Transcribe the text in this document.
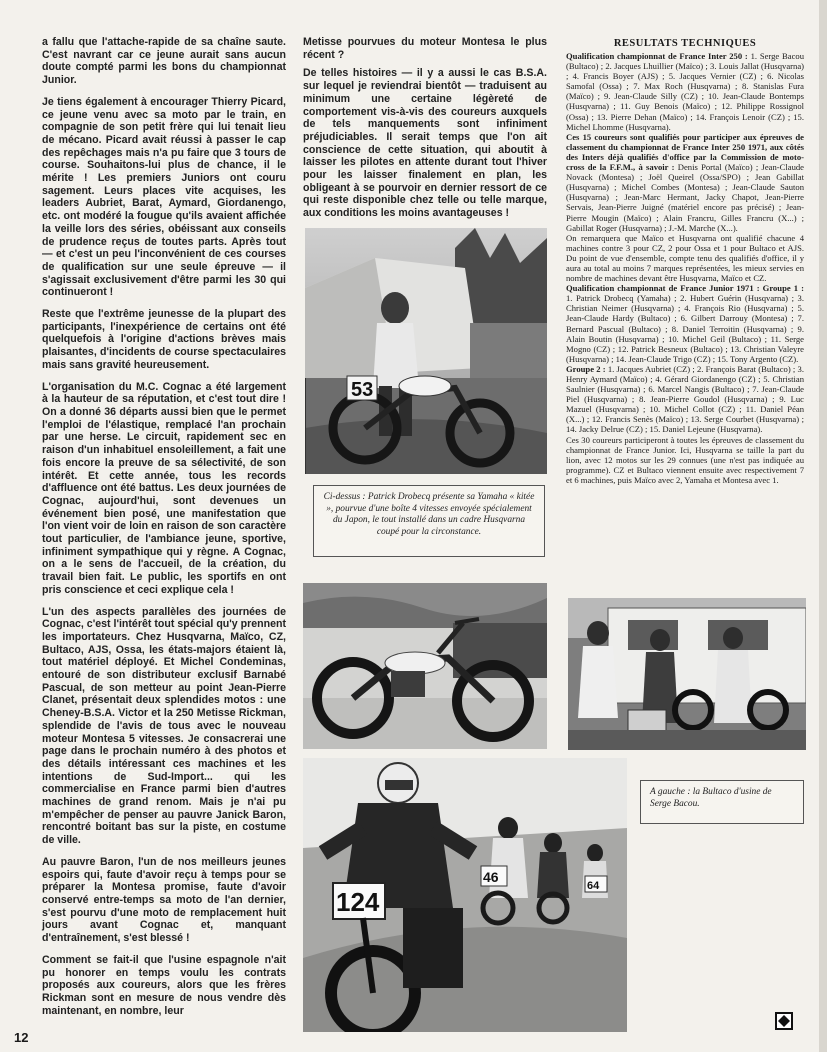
a fallu que l'attache-rapide de sa chaîne saute. C'est navrant car ce jeune aurait sans aucun doute compté parmi les bons du championnat Junior.

Je tiens également à encourager Thierry Picard, ce jeune venu avec sa moto par le train, en compagnie de son petit frère qui lui tenait lieu de mécano. Picard avait réussi à passer le cap des repêchages mais n'a pu faire que 3 tours de course. Souhaitons-lui plus de chance, il le mérite ! Les premiers Juniors ont couru sagement. Leurs places vite acquises, les leaders Aubriet, Barat, Aymard, Giordanengo, etc. ont modéré la fougue qu'ils avaient affichée la veille lors des séries, obéissant aux conseils de prudence reçus de toutes parts. Après tout — et c'est un peu l'inconvénient de ces courses de qualification sur une seule épreuve — il s'agissait exclusivement d'être parmi les 30 qui continueront !

Reste que l'extrême jeunesse de la plupart des participants, l'inexpérience de certains ont été quelquefois à l'origine d'actions brèves mais plaisantes, d'incidents de course spectaculaires mais sans gravité heureusement.

L'organisation du M.C. Cognac a été largement à la hauteur de sa réputation, et c'est tout dire ! On a donné 36 départs aussi bien que le permet l'emploi de l'élastique, remplacé l'an prochain par une herse. Le circuit, rapidement sec en raison d'un inhabituel ensoleillement, a fait une fois encore la preuve de sa sélectivité, de son intérêt. Et cette année, tous les records d'affluence ont été battus. Les deux journées de Cognac, aujourd'hui, sont devenues un événement bien posé, une manifestation que l'on vient voir de loin en raison de son caractère tout particulier, de l'ambiance jeune, sportive, infiniment sympathique qui y règne. A Cognac, on a le sens de l'accueil, de la création, du travail bien fait. Le public, les sportifs en ont pris conscience et ceci explique cela !

L'un des aspects parallèles des journées de Cognac, c'est l'intérêt tout spécial qu'y prennent les importateurs. Chez Husqvarna, Maïco, CZ, Bultaco, AJS, Ossa, les états-majors étaient là, tout matériel déployé. Et Michel Condeminas, entouré de son distributeur exclusif Barnabé Pascual, de son metteur au point Jean-Pierre Clanet, présentait deux splendides motos : une Cheney-B.S.A. Victor et la 250 Metisse Rickman, splendide de l'avis de tous avec le nouveau moteur Montesa 5 vitesses. Je consacrerai une page dans le prochain numéro à des photos et des détails intéressant ces machines et les intentions de Sud-Import... qui les commercialise en France parmi bien d'autres machines de grand renom. Mais je n'ai pu m'empêcher de penser au pauvre Janick Baron, rencontré boitant bas sur la piste, en costume de ville.

Au pauvre Baron, l'un de nos meilleurs jeunes espoirs qui, faute d'avoir reçu à temps pour se préparer la Montesa promise, faute d'avoir conservé entre-temps sa moto de l'an dernier, s'est pourvu d'une moto de remplacement huit jours avant Cognac et, manquant d'entraînement, s'est blessé !

Comment se fait-il que l'usine espagnole n'ait pu honorer en temps voulu les contrats proposés aux coureurs, alors que les frères Rickman sont en mesure de nous vendre dès maintenant, en nombre, leur

Metisse pourvues du moteur Montesa le plus récent ?

De telles histoires — il y a aussi le cas B.S.A. sur lequel je reviendrai bientôt — traduisent au minimum une certaine légèreté de comportement vis-à-vis des coureurs auxquels de tels manquements sont infiniment préjudiciables. Il serait temps que l'on ait conscience de cette situation, qui aboutit à laisser les pilotes en attente durant tout l'hiver pour les laisser finalement en plan, les obligeant à se pourvoir en dernier ressort de ce qui reste disponible chez telle ou telle marque, aux conditions les moins avantageuses !

53
Ci-dessus : Patrick Drobecq présente sa Yamaha « kitée », pourvue d'une boîte 4 vitesses envoyée spécialement du Japon, le tout installé dans un cadre Husqvarna coupé pour la circonstance.
A gauche : la Bultaco d'usine de Serge Bacou.
46
64
124
RESULTATS TECHNIQUES

Qualification championnat de France Inter 250 : 1. Serge Bacou (Bultaco) ; 2. Jacques Lhuillier (Maïco) ; 3. Louis Jallat (Husqvarna) ; 4. Francis Boyer (AJS) ; 5. Jacques Vernier (CZ) ; 6. Nicolas Samofal (Ossa) ; 7. Max Roch (Husqvarna) ; 8. Stanislas Fura (Maïco) ; 9. Jean-Claude Silly (CZ) ; 10. Jean-Claude Bontemps (Husqvarna) ; 11. Guy Benois (Maïco) ; 12. Philippe Rossignol (Ossa) ; 13. Pierre Dehan (Maïco) ; 14. François Lenoir (CZ) ; 15. Michel Lhomme (Husqvarna).

Ces 15 coureurs sont qualifiés pour participer aux épreuves de classement du championnat de France Inter 250 1971, aux côtés des Inters déjà qualifiés d'office par la Commission de moto-cross de la F.F.M., à savoir : Denis Portal (Maïco) ; Jean-Claude Novack (Montesa) ; Joël Queirel (Ossa/SPO) ; Jean Gabillat (Husqvarna) ; Michel Combes (Montesa) ; Jean-Claude Sauton (Husqvarna) ; Jean-Marc Hermant, Jacky Chapot, Jean-Pierre Servais, Jean-Pierre Juigné (matériel encore pas précisé) ; Jean-Pierre Mougin (Maïco) ; Alain Francru, Gilles Francru (X...) ; Gabillat Roger (Husqvarna) ; J.-M. Marche (X...).

On remarquera que Maïco et Husqvarna ont qualifié chacune 4 machines contre 3 pour CZ, 2 pour Ossa et 1 pour Bultaco et AJS. Du point de vue d'ensemble, compte tenu des qualifiés d'office, il y aura au total au moins 7 marques représentées, les mieux servies en nombre de machines devant être Husqvarna, Maïco et CZ.

Qualification championnat de France Junior 1971 : Groupe 1 : 1. Patrick Drobecq (Yamaha) ; 2. Hubert Guérin (Husqvarna) ; 3. Christian Neimer (Husqvarna) ; 4. François Rio (Husqvarna) ; 5. Jean-Claude Hardy (Bultaco) ; 6. Gilbert Darrouy (Montesa) ; 7. Bernard Pascual (Bultaco) ; 8. Daniel Terroitin (Husqvarna) ; 9. Alain Boutin (Husqvarna) ; 10. Michel Geil (Bultaco) ; 11. Serge Mogno (CZ) ; 12. Patrick Besneux (Bultaco) ; 13. Christian Valeyre (Husqvarna) ; 14. Jean-Claude Trigo (CZ) ; 15. Tony Argento (CZ).

Groupe 2 : 1. Jacques Aubriet (CZ) ; 2. François Barat (Bultaco) ; 3. Henry Aymard (Maïco) ; 4. Gérard Giordanengo (CZ) ; 5. Christian Saulnier (Husqvarna) ; 6. Marcel Nangis (Bultaco) ; 7. Jean-Claude Piel (Husqvarna) ; 8. Jean-Pierre Goudol (Husqvarna) ; 9. Luc Mazuel (Husqvarna) ; 10. Michel Collot (CZ) ; 11. Daniel Péan (X...) ; 12. Francis Senès (Maïco) ; 13. Serge Courbet (Husqvarna) ; 14. Jacky Delrue (CZ) ; 15. Daniel Lejeune (Husqvarna).

Ces 30 coureurs participeront à toutes les épreuves de classement du championnat de France Junior. Ici, Husqvarna se taille la part du lion, avec 12 motos sur les 29 connues (une n'est pas indiquée au programme). CZ et Bultaco viennent ensuite avec respectivement 7 et 6 machines, puis Maïco avec 2, Yamaha et Montesa avec 1.

12
